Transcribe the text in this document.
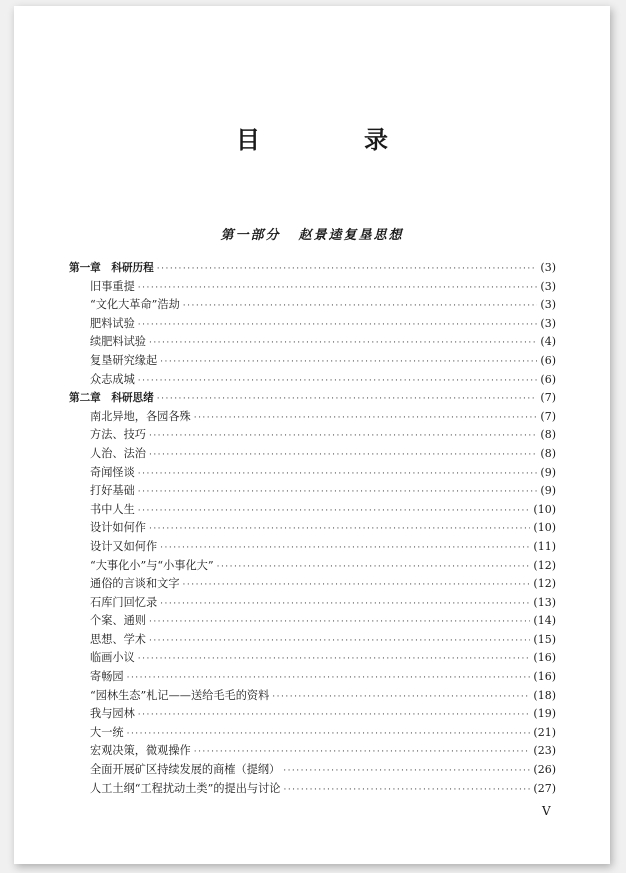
目　录
第一部分 赵景逵复垦思想
第一章　科研历程 ·····	(3)
旧事重提 ·····	(3)
“文化大革命”浩劫 ·····	(3)
肥料试验 ·····	(3)
续肥料试验 ·····	(4)
复垦研究缘起 ·····	(6)
众志成城 ·····	(6)
第二章　科研思绪 ·····	(7)
南北异地，各园各殊 ·····	(7)
方法、技巧 ·····	(8)
人治、法治 ·····	(8)
奇闻怪谈 ·····	(9)
打好基础 ·····	(9)
书中人生 ·····	(10)
设计如何作 ·····	(10)
设计又如何作 ·····	(11)
“大事化小”与“小事化大” ·····	(12)
通俗的言谈和文字 ·····	(12)
石库门回忆录 ·····	(13)
个案、通则 ·····	(14)
思想、学术 ·····	(15)
临画小议 ·····	(16)
寄畅园 ·····	(16)
“园林生态”札记——送给毛毛的资料 ·····	(18)
我与园林 ·····	(19)
大一统 ·····	(21)
宏观决策，微观操作 ·····	(23)
全面开展矿区持续发展的商榷（提纲） ·····	(26)
人工土纲“工程扰动土类”的提出与讨论 ·····	(27)
V
